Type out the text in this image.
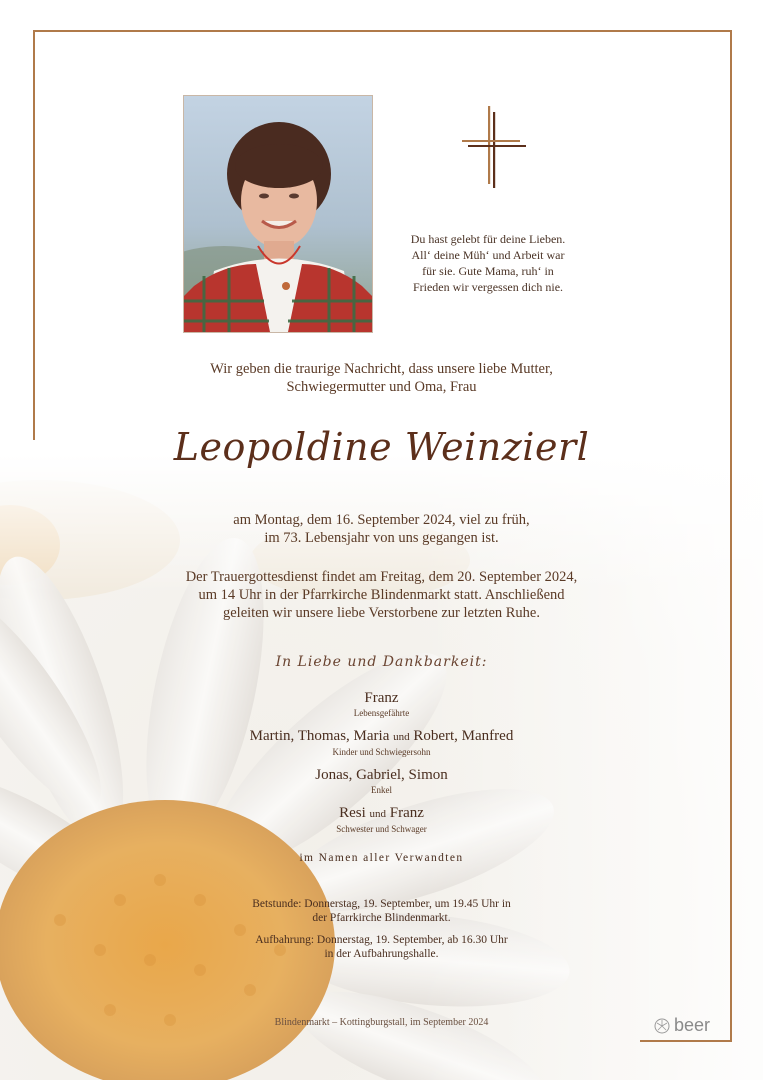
Du hast gelebt für deine Lieben.
All‘ deine Müh‘ und Arbeit war
für sie. Gute Mama, ruh‘ in
Frieden wir vergessen dich nie.
Wir geben die traurige Nachricht, dass unsere liebe Mutter,
Schwiegermutter und Oma, Frau
Leopoldine Weinzierl
am Montag, dem 16. September 2024, viel zu früh,
im 73. Lebensjahr von uns gegangen ist.
Der Trauergottesdienst findet am Freitag, dem 20. September 2024,
um 14 Uhr in der Pfarrkirche Blindenmarkt statt. Anschließend
geleiten wir unsere liebe Verstorbene zur letzten Ruhe.
In Liebe und Dankbarkeit:
Franz
Lebensgefährte
Martin, Thomas, Maria und Robert, Manfred
Kinder und Schwiegersohn
Jonas, Gabriel, Simon
Enkel
Resi und Franz
Schwester und Schwager
im Namen aller Verwandten
Betstunde: Donnerstag, 19. September, um 19.45 Uhr in
der Pfarrkirche Blindenmarkt.
Aufbahrung: Donnerstag, 19. September, ab 16.30 Uhr
in der Aufbahrungshalle.
Blindenmarkt – Kottingburgstall, im September 2024	beer
